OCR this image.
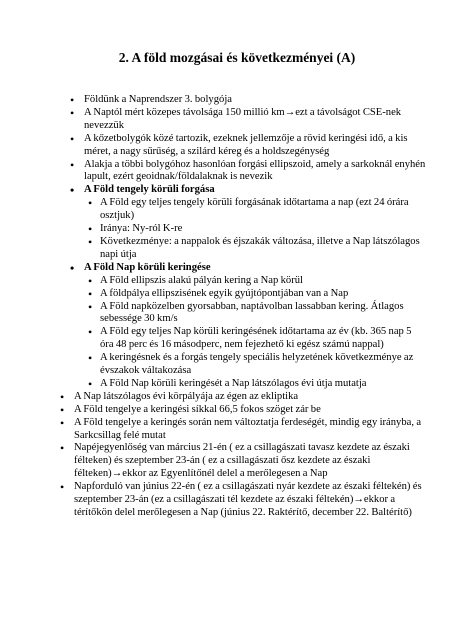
2. A föld mozgásai és következményei (A)
• Földünk a Naprendszer 3. bolygója
• A Naptól mért közepes távolsága 150 millió km→ezt a távolságot CSE-nek nevezzük
• A kőzetbolygók közé tartozik, ezeknek jellemzője a rövid keringési idő, a kis méret, a nagy sűrűség, a szilárd kéreg és a holdszegénység
• Alakja a többi bolygóhoz hasonlóan forgási ellipszoid, amely a sarkoknál enyhén lapult, ezért geoidnak/földalaknak is nevezik
• A Föld tengely körüli forgása
• A Föld egy teljes tengely körüli forgásának időtartama a nap (ezt 24 órára osztjuk)
• Iránya: Ny-ról K-re
• Következménye: a nappalok és éjszakák változása, illetve a Nap látszólagos napi útja
• A Föld Nap körüli keringése
• A Föld ellipszis alakú pályán kering a Nap körül
• A földpálya ellipszisének egyik gyújtópontjában van a Nap
• A Föld napközelben gyorsabban, naptávolban lassabban kering. Átlagos sebessége 30 km/s
• A Föld egy teljes Nap körüli keringésének időtartama az év (kb. 365 nap 5 óra 48 perc és 16 másodperc, nem fejezhető ki egész számú nappal)
• A keringésnek és a forgás tengely speciális helyzetének következménye az évszakok váltakozása
• A Föld Nap körüli keringését a Nap látszólagos évi útja mutatja
• A Nap látszólagos évi körpályája az égen az ekliptika
• A Föld tengelye a keringési síkkal 66,5 fokos szöget zár be
• A Föld tengelye a keringés során nem változtatja ferdeségét, mindig egy irányba, a Sarkcsillag felé mutat
• Napéjegyenlőség van március 21-én ( ez a csillagászati tavasz kezdete az északi félteken) és szeptember 23-án ( ez a csillagászati ősz kezdete az északi félteken)→ekkor az Egyenlítőnél delel a merőlegesen a Nap
• Napforduló van június 22-én ( ez a csillagászati nyár kezdete az északi féltekén) és szeptember 23-án (ez a csillagászati tél kezdete az északi féltekén)→ekkor a térítőkön delel merőlegesen a Nap (június 22. Raktérítő, december 22. Baltérítő)
